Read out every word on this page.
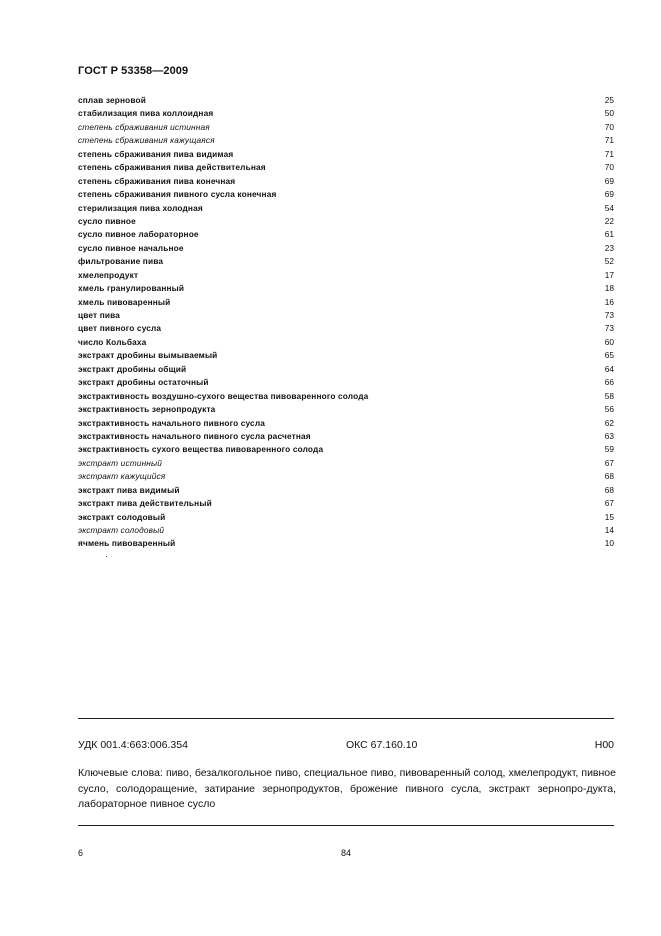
ГОСТ Р 53358—2009
сплав зерновой	25
стабилизация пива коллоидная	50
степень сбраживания истинная	70
степень сбраживания кажущаяся	71
степень сбраживания пива видимая	71
степень сбраживания пива действительная	70
степень сбраживания пива конечная	69
степень сбраживания пивного сусла конечная	69
стерилизация пива холодная	54
сусло пивное	22
сусло пивное лабораторное	61
сусло пивное начальное	23
фильтрование пива	52
хмелепродукт	17
хмель гранулированный	18
хмель пивоваренный	16
цвет пива	73
цвет пивного сусла	73
число Кольбаха	60
экстракт дробины вымываемый	65
экстракт дробины общий	64
экстракт дробины остаточный	66
экстрактивность воздушно-сухого вещества пивоваренного солода	58
экстрактивность зернопродукта	56
экстрактивность начального пивного сусла	62
экстрактивность начального пивного сусла расчетная	63
экстрактивность сухого вещества пивоваренного солода	59
экстракт истинный	67
экстракт кажущийся	68
экстракт пива видимый	68
экстракт пива действительный	67
экстракт солодовый	15
экстракт солодовый	14
ячмень пивоваренный	10
·
УДК 001.4:663:006.354	ОКС 67.160.10	Н00
Ключевые слова: пиво, безалкогольное пиво, специальное пиво, пивоваренный солод, хмелепродукт, пивное сусло, солодоращение, затирание зернопродуктов, брожение пивного сусла, экстракт зернопро-дукта, лабораторное пивное сусло
6	84
